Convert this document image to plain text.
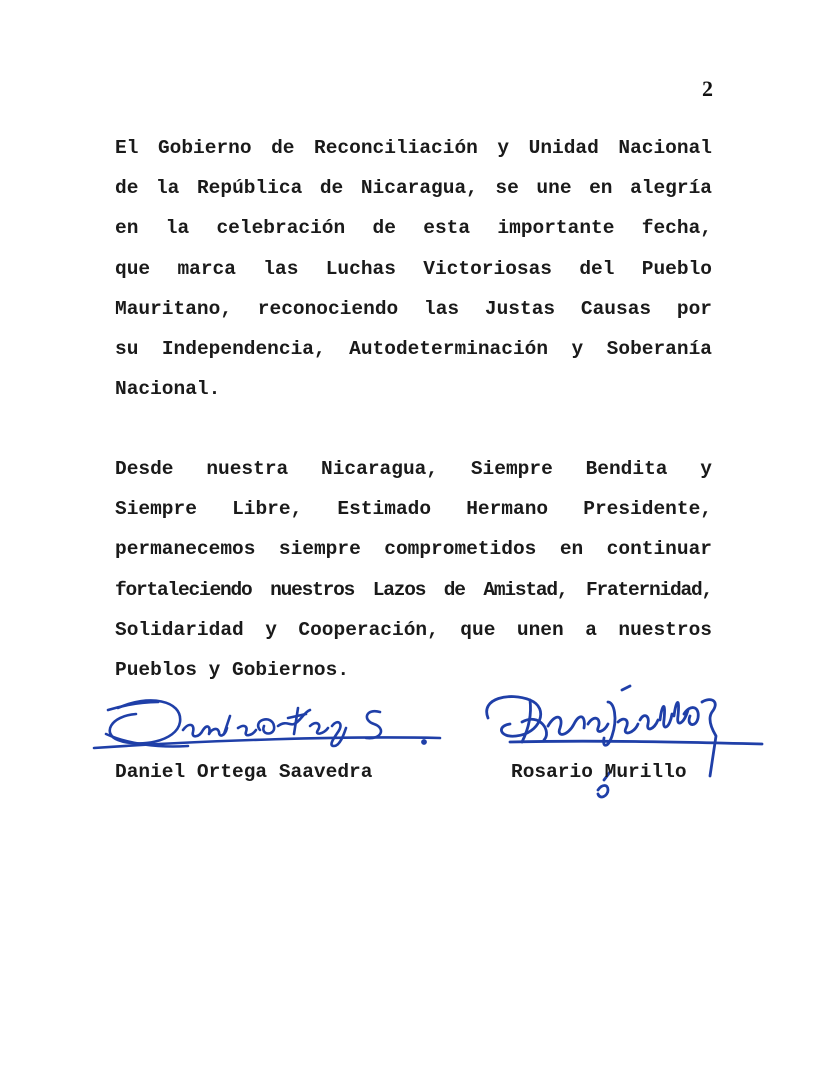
2

El Gobierno de Reconciliación y Unidad Nacional
de la República de Nicaragua, se une en alegría
en la celebración de esta importante fecha,
que marca las Luchas Victoriosas del Pueblo
Mauritano, reconociendo las Justas Causas por
su Independencia, Autodeterminación y Soberanía
Nacional.

Desde nuestra Nicaragua, Siempre Bendita y
Siempre Libre, Estimado Hermano Presidente,
permanecemos siempre comprometidos en continuar
fortaleciendo nuestros Lazos de Amistad, Fraternidad,
Solidaridad y Cooperación, que unen a nuestros
Pueblos y Gobiernos.

Daniel Ortega Saavedra	Rosario Murillo
